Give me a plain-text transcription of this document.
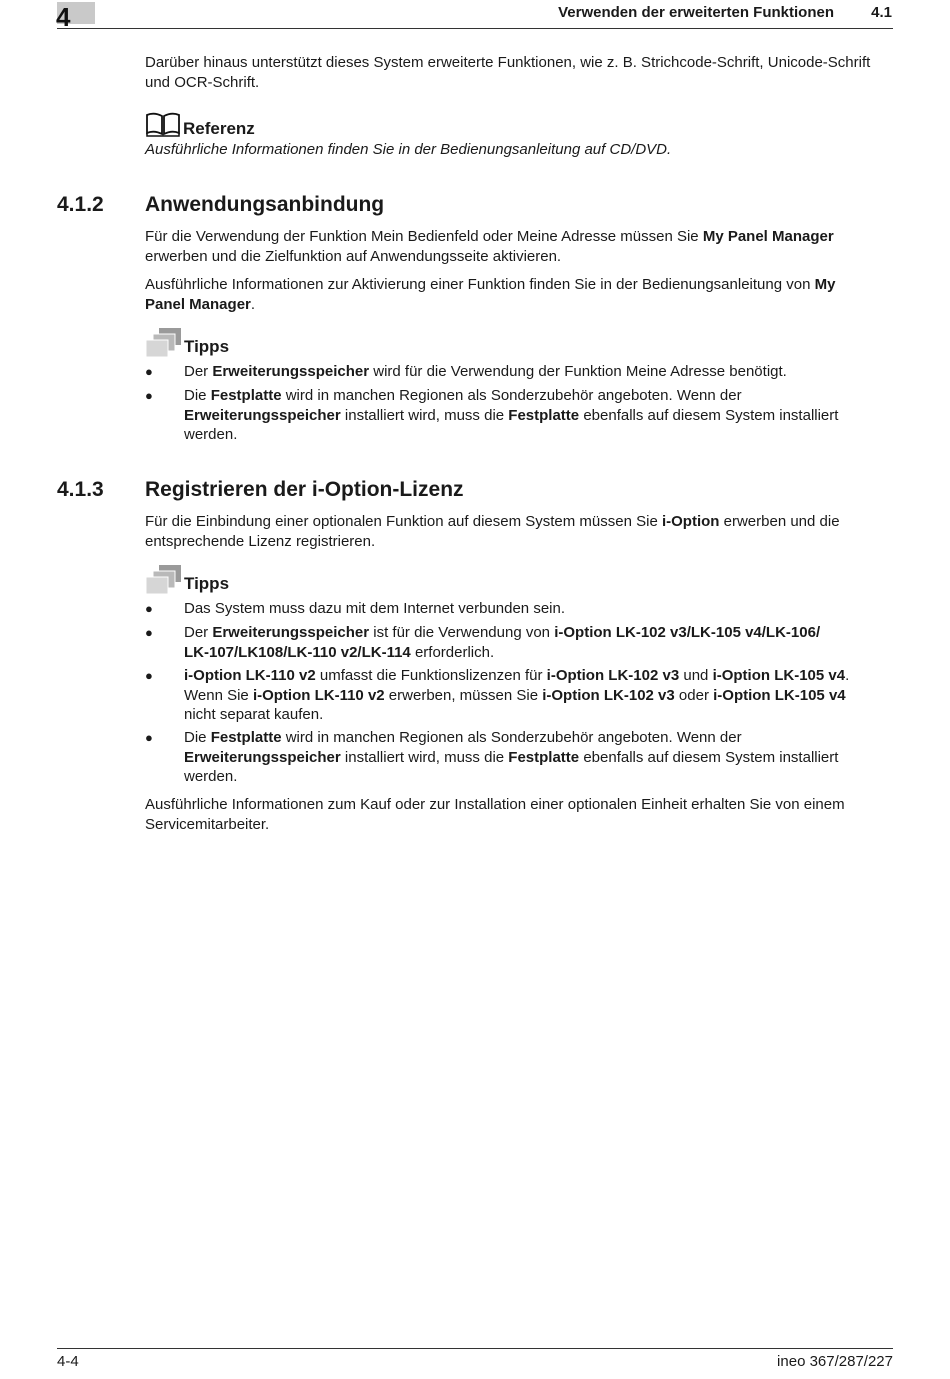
4	Verwenden der erweiterten Funktionen 4.1
Darüber hinaus unterstützt dieses System erweiterte Funktionen, wie z. B. Strichcode-Schrift, Unicode-Schrift und OCR-Schrift.
Referenz
Ausführliche Informationen finden Sie in der Bedienungsanleitung auf CD/DVD.
4.1.2 Anwendungsanbindung
Für die Verwendung der Funktion Mein Bedienfeld oder Meine Adresse müssen Sie My Panel Manager
erwerben und die Zielfunktion auf Anwendungsseite aktivieren.
Ausführliche Informationen zur Aktivierung einer Funktion finden Sie in der Bedienungsanleitung von My
Panel Manager.
Tipps
● Der Erweiterungsspeicher wird für die Verwendung der Funktion Meine Adresse benötigt.
● Die Festplatte wird in manchen Regionen als Sonderzubehör angeboten. Wenn der
Erweiterungsspeicher installiert wird, muss die Festplatte ebenfalls auf diesem System installiert
werden.
4.1.3 Registrieren der i-Option-Lizenz
Für die Einbindung einer optionalen Funktion auf diesem System müssen Sie i-Option erwerben und die
entsprechende Lizenz registrieren.
Tipps
● Das System muss dazu mit dem Internet verbunden sein.
● Der Erweiterungsspeicher ist für die Verwendung von i-Option LK-102 v3/LK-105 v4/LK-106/
LK-107/LK108/LK-110 v2/LK-114 erforderlich.
● i-Option LK-110 v2 umfasst die Funktionslizenzen für i-Option LK-102 v3 und i-Option LK-105 v4.
Wenn Sie i-Option LK-110 v2 erwerben, müssen Sie i-Option LK-102 v3 oder i-Option LK-105 v4
nicht separat kaufen.
● Die Festplatte wird in manchen Regionen als Sonderzubehör angeboten. Wenn der
Erweiterungsspeicher installiert wird, muss die Festplatte ebenfalls auf diesem System installiert
werden.
Ausführliche Informationen zum Kauf oder zur Installation einer optionalen Einheit erhalten Sie von einem Servicemitarbeiter.
4-4	ineo 367/287/227
